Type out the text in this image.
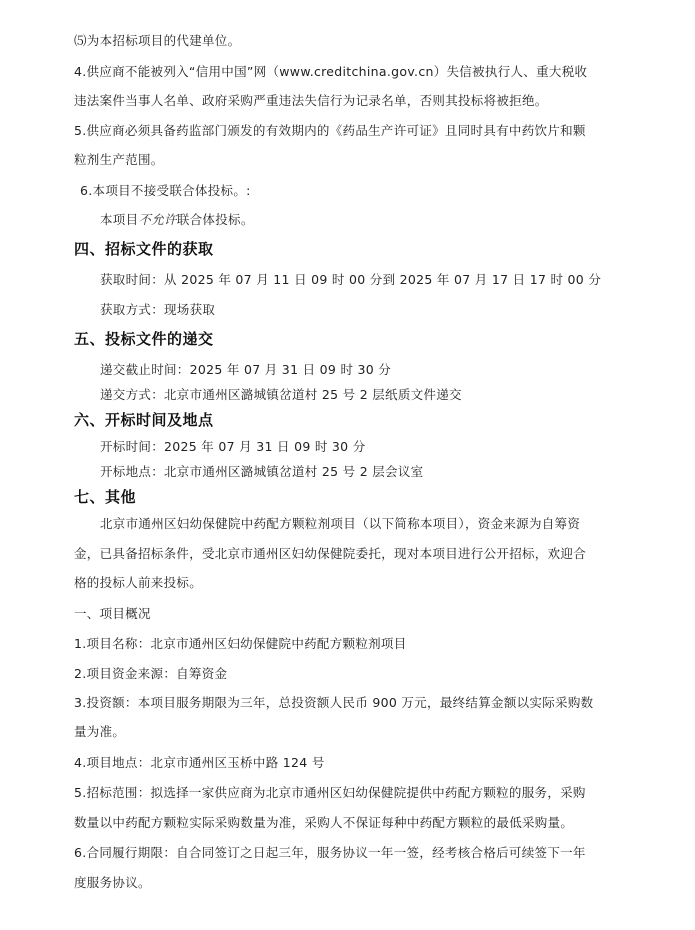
⑸为本招标项目的代建单位。
4.供应商不能被列入“信用中国”网（www.creditchina.gov.cn）失信被执行人、重大税收
违法案件当事人名单、政府采购严重违法失信行为记录名单，否则其投标将被拒绝。
5.供应商必须具备药监部门颁发的有效期内的《药品生产许可证》且同时具有中药饮片和颗
粒剂生产范围。
6.本项目不接受联合体投标。:
本项目不允许联合体投标。
四、招标文件的获取
获取时间：从 2025 年 07 月 11 日 09 时 00 分到 2025 年 07 月 17 日 17 时 00 分
获取方式：现场获取
五、投标文件的递交
递交截止时间：2025 年 07 月 31 日 09 时 30 分
递交方式：北京市通州区潞城镇岔道村 25 号 2 层纸质文件递交
六、开标时间及地点
开标时间：2025 年 07 月 31 日 09 时 30 分
开标地点：北京市通州区潞城镇岔道村 25 号 2 层会议室
七、其他
北京市通州区妇幼保健院中药配方颗粒剂项目（以下简称本项目），资金来源为自筹资
金，已具备招标条件，受北京市通州区妇幼保健院委托，现对本项目进行公开招标，欢迎合
格的投标人前来投标。
一、项目概况
1.项目名称：北京市通州区妇幼保健院中药配方颗粒剂项目
2.项目资金来源：自筹资金
3.投资额：本项目服务期限为三年，总投资额人民币 900 万元，最终结算金额以实际采购数
量为准。
4.项目地点：北京市通州区玉桥中路 124 号
5.招标范围：拟选择一家供应商为北京市通州区妇幼保健院提供中药配方颗粒的服务，采购
数量以中药配方颗粒实际采购数量为准，采购人不保证每种中药配方颗粒的最低采购量。
6.合同履行期限：自合同签订之日起三年，服务协议一年一签，经考核合格后可续签下一年
度服务协议。
